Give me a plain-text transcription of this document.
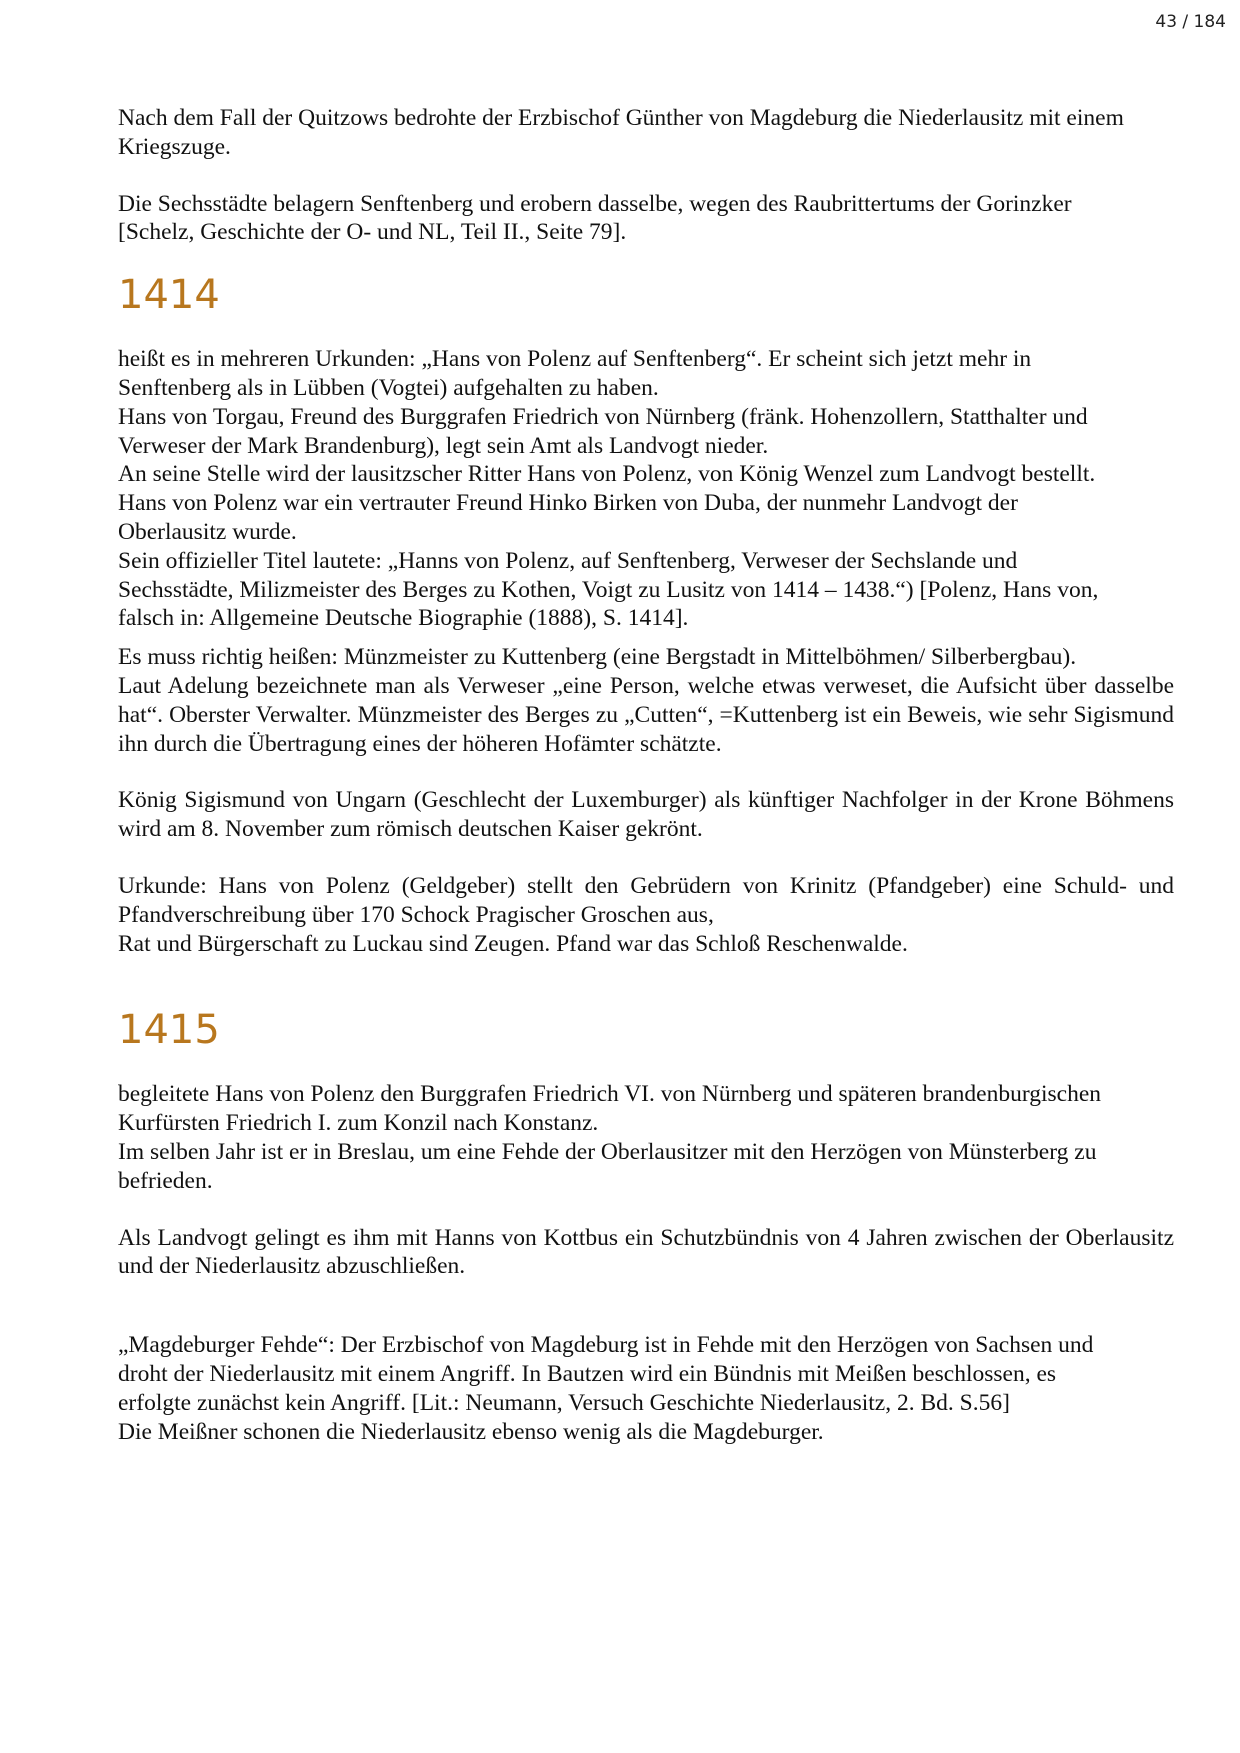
43 / 184

Nach dem Fall der Quitzows bedrohte der Erzbischof Günther von Magdeburg die Niederlausitz mit einem Kriegszuge.

Die Sechsstädte belagern Senftenberg und erobern dasselbe, wegen des Raubrittertums der Gorinzker [Schelz, Geschichte der O- und NL, Teil II., Seite 79].

1414

heißt es in mehreren Urkunden: „Hans von Polenz auf Senftenberg“. Er scheint sich jetzt mehr in Senftenberg als in Lübben (Vogtei) aufgehalten zu haben.

Hans von Torgau, Freund des Burggrafen Friedrich von Nürnberg (fränk. Hohenzollern, Statthalter und Verweser der Mark Brandenburg), legt sein Amt als Landvogt nieder.

An seine Stelle wird der lausitzscher Ritter Hans von Polenz, von König Wenzel zum Landvogt bestellt.

Hans von Polenz war ein vertrauter Freund Hinko Birken von Duba, der nunmehr Landvogt der Oberlausitz wurde.

Sein offizieller Titel lautete: „Hanns von Polenz, auf Senftenberg, Verweser der Sechslande und Sechsstädte, Milizmeister des Berges zu Kothen, Voigt zu Lusitz von 1414 – 1438.“) [Polenz, Hans von, falsch in: Allgemeine Deutsche Biographie (1888), S. 1414].

Es muss richtig heißen: Münzmeister zu Kuttenberg (eine Bergstadt in Mittelböhmen/ Silberbergbau).

Laut Adelung bezeichnete man als Verweser „eine Person, welche etwas verweset, die Aufsicht über dasselbe hat“. Oberster Verwalter. Münzmeister des Berges zu „Cutten“, =Kuttenberg ist ein Beweis, wie sehr Sigismund ihn durch die Übertragung eines der höheren Hofämter schätzte.

König Sigismund von Ungarn (Geschlecht der Luxemburger) als künftiger Nachfolger in der Krone Böhmens wird am 8. November zum römisch deutschen Kaiser gekrönt.

Urkunde: Hans von Polenz (Geldgeber) stellt den Gebrüdern von Krinitz (Pfandgeber) eine Schuld- und Pfandverschreibung über 170 Schock Pragischer Groschen aus,

Rat und Bürgerschaft zu Luckau sind Zeugen. Pfand war das Schloß Reschenwalde.

1415

begleitete Hans von Polenz den Burggrafen Friedrich VI. von Nürnberg und späteren brandenburgischen Kurfürsten Friedrich I. zum Konzil nach Konstanz.

Im selben Jahr ist er in Breslau, um eine Fehde der Oberlausitzer mit den Herzögen von Münsterberg zu befrieden.

Als Landvogt gelingt es ihm mit Hanns von Kottbus ein Schutzbündnis von 4 Jahren zwischen der Oberlausitz und der Niederlausitz abzuschließen.

„Magdeburger Fehde“: Der Erzbischof von Magdeburg ist in Fehde mit den Herzögen von Sachsen und droht der Niederlausitz mit einem Angriff. In Bautzen wird ein Bündnis mit Meißen beschlossen, es erfolgte zunächst kein Angriff. [Lit.: Neumann, Versuch Geschichte Niederlausitz, 2. Bd. S.56]

Die Meißner schonen die Niederlausitz ebenso wenig als die Magdeburger.
